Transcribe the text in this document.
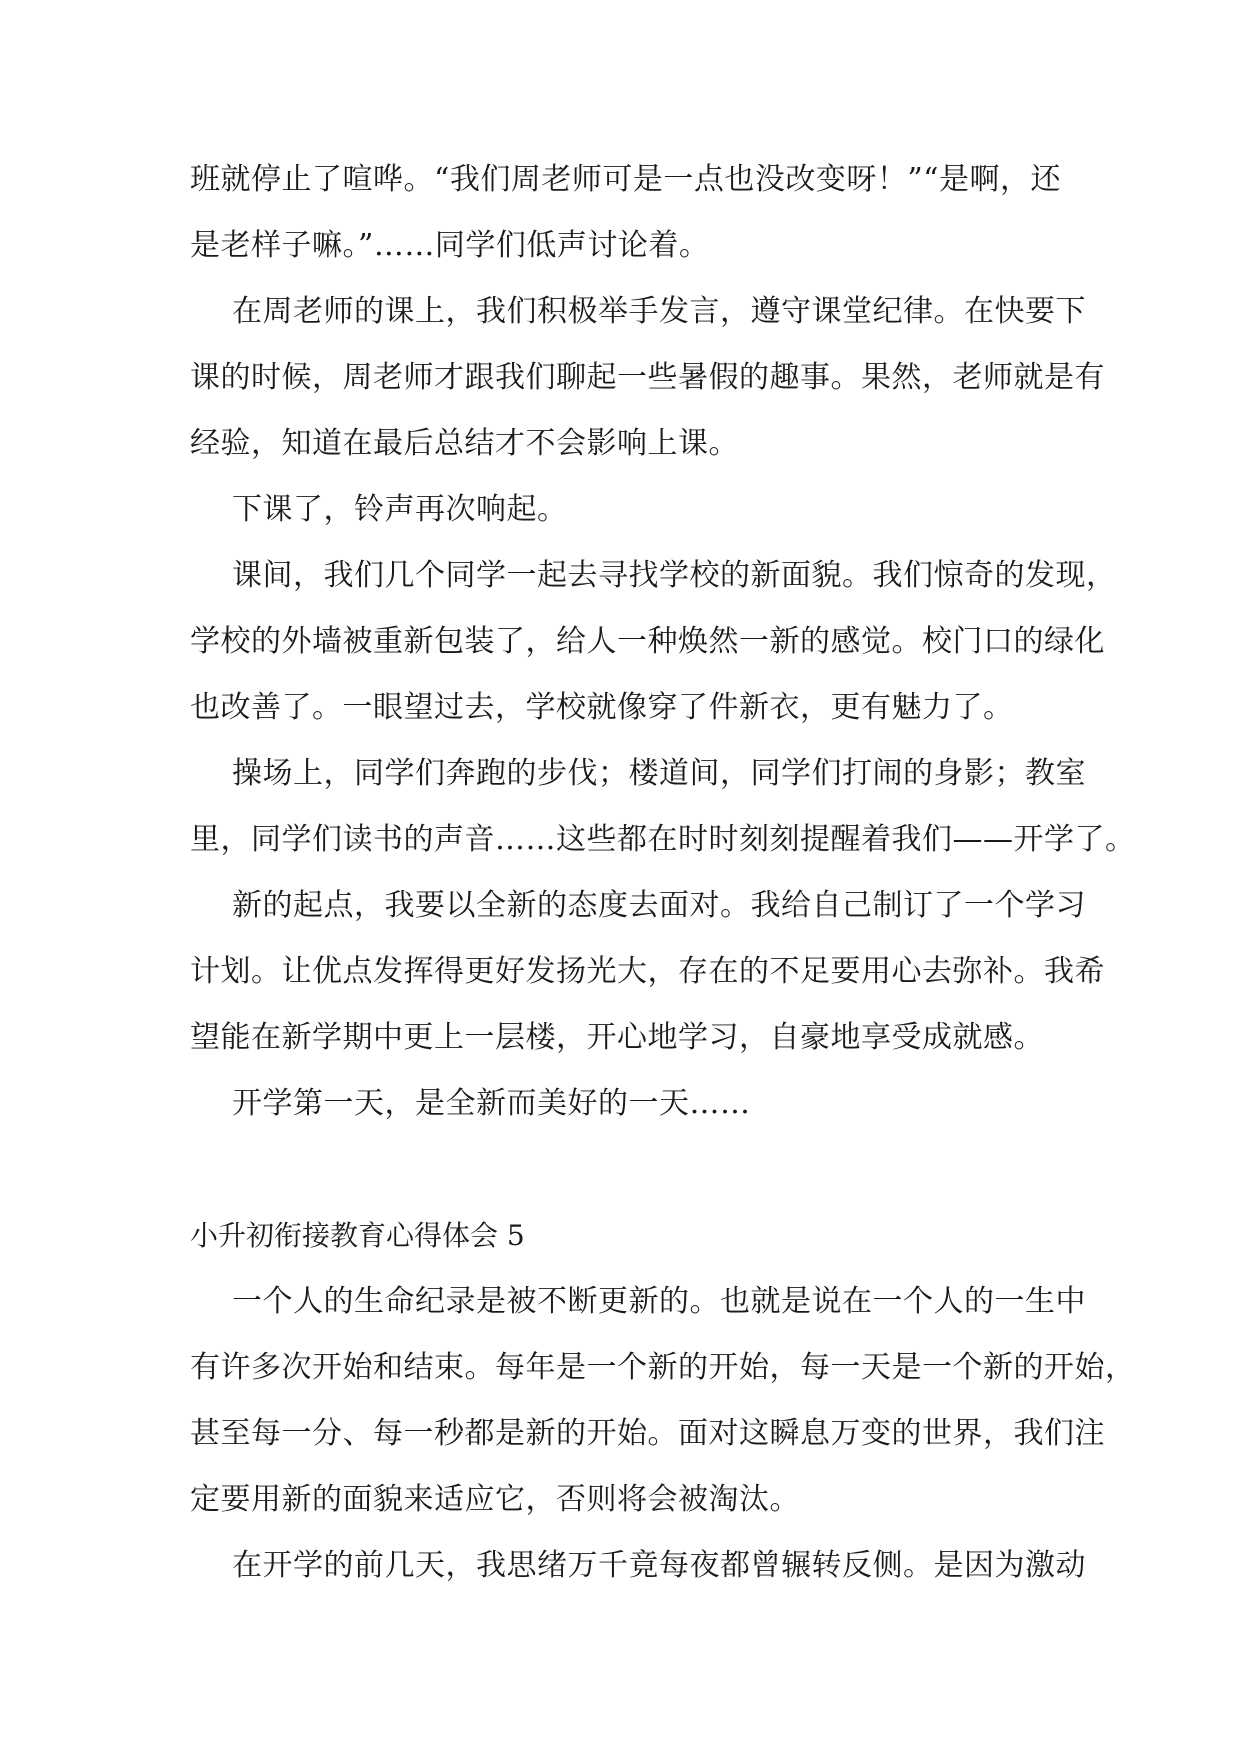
班就停止了喧哗。“我们周老师可是一点也没改变呀！”“是啊，还
是老样子嘛。”……同学们低声讨论着。
在周老师的课上，我们积极举手发言，遵守课堂纪律。在快要下
课的时候，周老师才跟我们聊起一些暑假的趣事。果然，老师就是有
经验，知道在最后总结才不会影响上课。
下课了，铃声再次响起。
课间，我们几个同学一起去寻找学校的新面貌。我们惊奇的发现，
学校的外墙被重新包装了，给人一种焕然一新的感觉。校门口的绿化
也改善了。一眼望过去，学校就像穿了件新衣，更有魅力了。
操场上，同学们奔跑的步伐；楼道间，同学们打闹的身影；教室
里，同学们读书的声音……这些都在时时刻刻提醒着我们——开学了。
新的起点，我要以全新的态度去面对。我给自己制订了一个学习
计划。让优点发挥得更好发扬光大，存在的不足要用心去弥补。我希
望能在新学期中更上一层楼，开心地学习，自豪地享受成就感。
开学第一天，是全新而美好的一天……
小升初衔接教育心得体会 5
一个人的生命纪录是被不断更新的。也就是说在一个人的一生中
有许多次开始和结束。每年是一个新的开始，每一天是一个新的开始，
甚至每一分、每一秒都是新的开始。面对这瞬息万变的世界，我们注
定要用新的面貌来适应它，否则将会被淘汰。
在开学的前几天，我思绪万千竟每夜都曾辗转反侧。是因为激动
